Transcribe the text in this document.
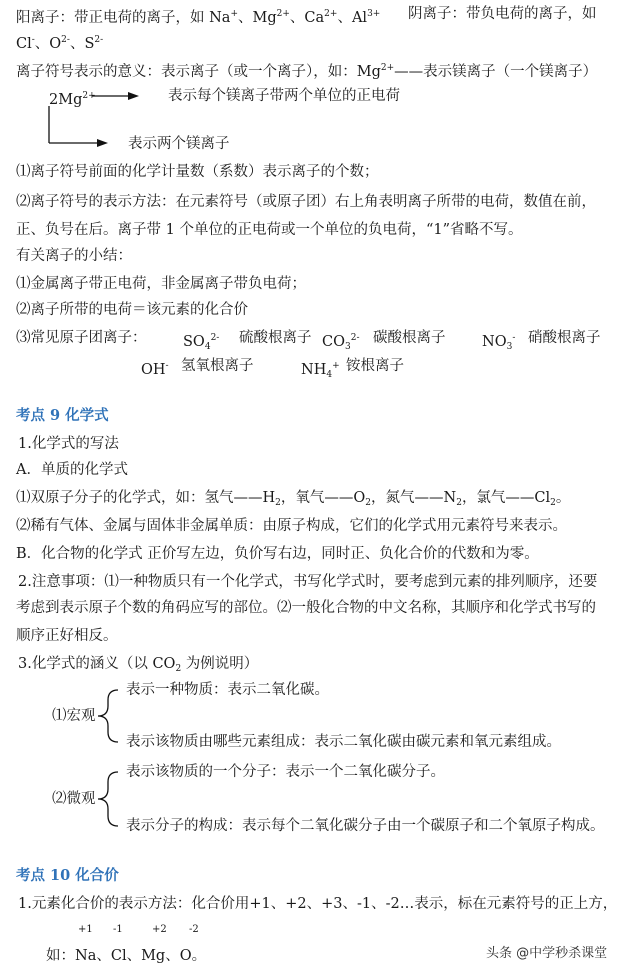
阳离子：带正电荷的离子，如 Na+、$Mg^{2+}$、$Ca^{2+}$、$Al^{3+}$ 阴离子：带负电荷的离子，如
Cl-、$O^{2-}$、$S^{2-}$
离子符号表示的意义：表示离子（或一个离子），如：$Mg^{2+}——$表示镁离子（一个镁离子）
$2Mg^{2+}$	表示每个镁离子带两个单位的正电荷
表示两个镁离子
⑴离子符号前面的化学计量数（系数）表示离子的个数；
⑵离子符号的表示方法：在元素符号（或原子团）右上角表明离子所带的电荷，数值在前，
正、负号在后。离子带 1 个单位的正电荷或一个单位的负电荷，“1”省略不写。
有关离子的小结：
⑴金属离子带正电荷，非金属离子带负电荷；
⑵离子所带的电荷＝该元素的化合价
⑶常见原子团离子：	$SO_4^{2-}$ 硫酸根离子 $CO_3^{2-}$ 碳酸根离子	$NO_3^-$ 硝酸根离子
OH- 氢氧根离子	$NH_4^+$ 铵根离子
考点 9 化学式
1.化学式的写法
A．单质的化学式
⑴双原子分子的化学式，如：氢气$——H_2$，氧气$——O_2$，氮气$——N_2$，氯气$——Cl_2$。
⑵稀有气体、金属与固体非金属单质：由原子构成，它们的化学式用元素符号来表示。
B．化合物的化学式 正价写左边，负价写右边，同时正、负化合价的代数和为零。
2.注意事项：⑴一种物质只有一个化学式，书写化学式时，要考虑到元素的排列顺序，还要
考虑到表示原子个数的角码应写的部位。⑵一般化合物的中文名称，其顺序和化学式书写的
顺序正好相反。
3.化学式的涵义（以 $CO_2$ 为例说明）
⑴宏观
表示一种物质：表示二氧化碳。
表示该物质由哪些元素组成：表示二氧化碳由碳元素和氧元素组成。
⑵微观
表示该物质的一个分子：表示一个二氧化碳分子。
表示分子的构成：表示每个二氧化碳分子由一个碳原子和二个氧原子构成。
考点 10 化合价
1.元素化合价的表示方法：化合价用+1、+2、+3、-1、-2…表示，标在元素符号的正上方，
+1 -1	+2 -2
如：Na、Cl、Mg、O。	头条 @中学秒杀课堂
